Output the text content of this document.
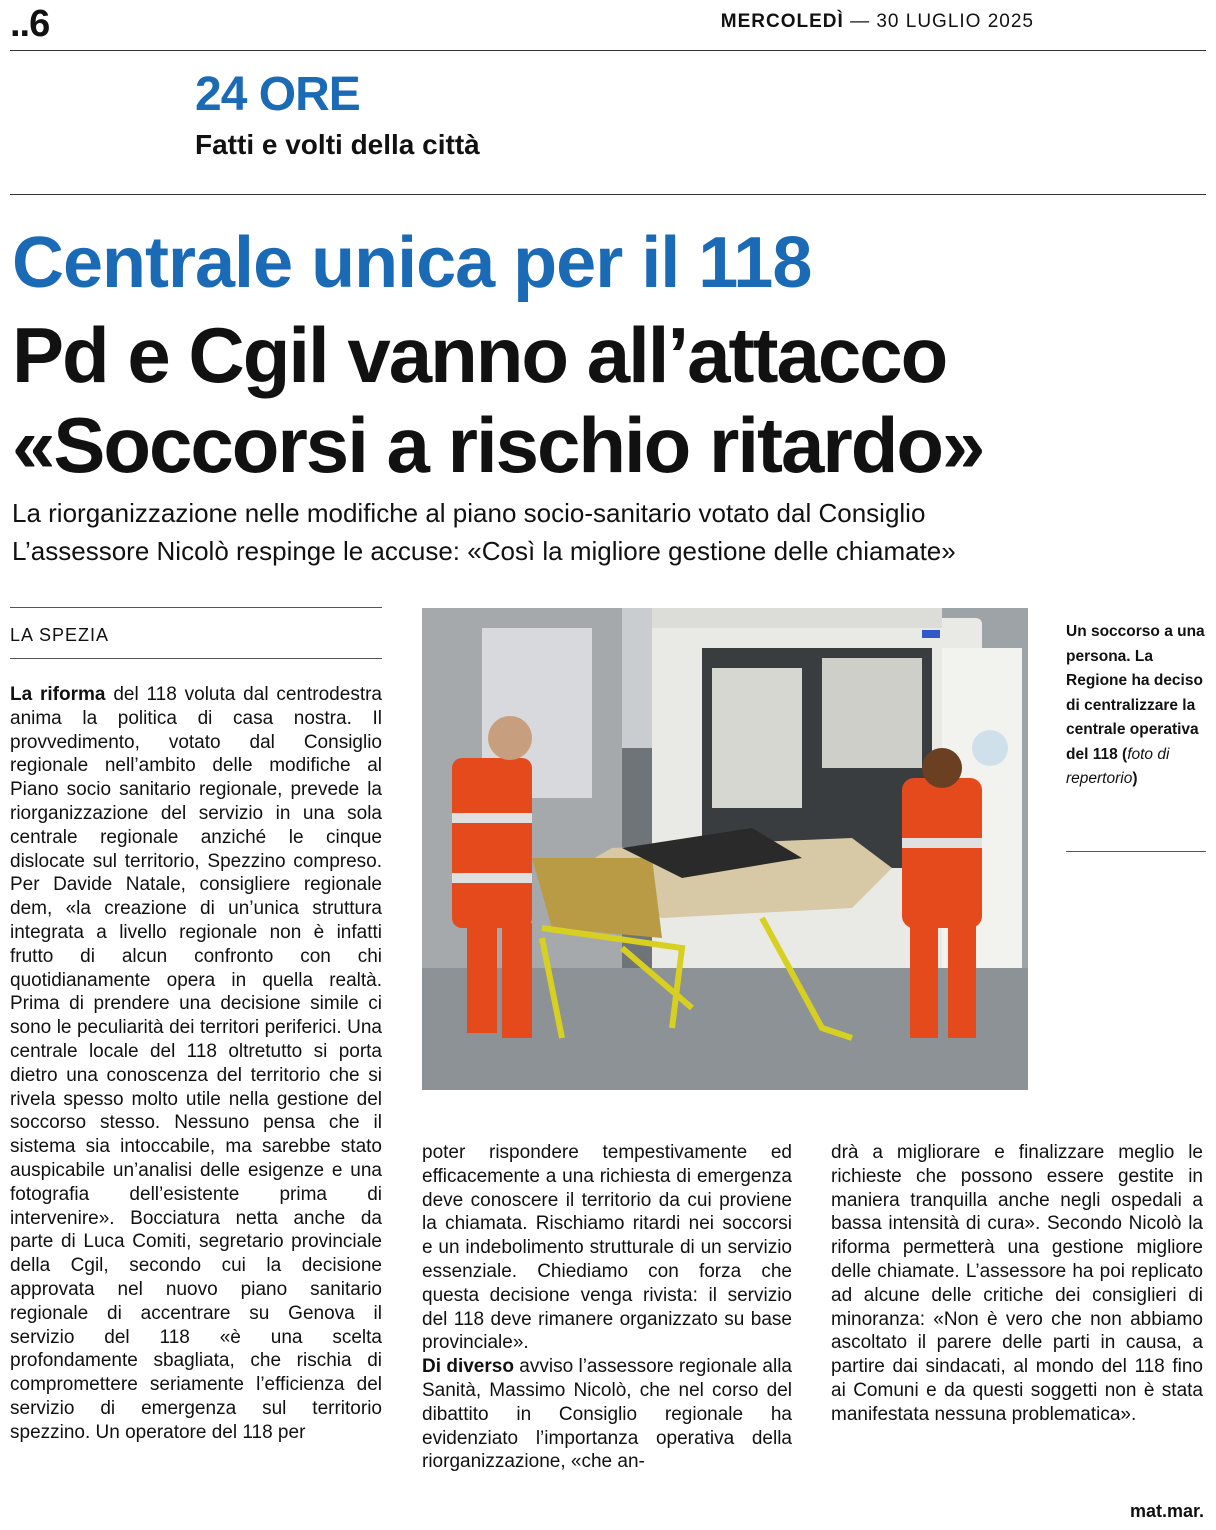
..6	MERCOLEDÌ — 30 LUGLIO 2025
24 ORE
Fatti e volti della città
Centrale unica per il 118
Pd e Cgil vanno all’attacco
«Soccorsi a rischio ritardo»
La riorganizzazione nelle modifiche al piano socio-sanitario votato dal Consiglio
L’assessore Nicolò respinge le accuse: «Così la migliore gestione delle chiamate»
LA SPEZIA
La riforma del 118 voluta dal centrodestra anima la politica di casa nostra. Il provvedimento, votato dal Consiglio regionale nell’ambito delle modifiche al Piano socio sanitario regionale, prevede la riorganizzazione del servizio in una sola centrale regionale anziché le cinque dislocate sul territorio, Spezzino compreso. Per Davide Natale, consigliere regionale dem, «la creazione di un’unica struttura integrata a livello regionale non è infatti frutto di alcun confronto con chi quotidianamente opera in quella realtà. Prima di prendere una decisione simile ci sono le peculiarità dei territori periferici. Una centrale locale del 118 oltretutto si porta dietro una conoscenza del territorio che si rivela spesso molto utile nella gestione del soccorso stesso. Nessuno pensa che il sistema sia intoccabile, ma sarebbe stato auspicabile un’analisi delle esigenze e una fotografia dell’esistente prima di intervenire». Bocciatura netta anche da parte di Luca Comiti, segretario provinciale della Cgil, secondo cui la decisione approvata nel nuovo piano sanitario regionale di accentrare su Genova il servizio del 118 «è una scelta profondamente sbagliata, che rischia di compromettere seriamente l’efficienza del servizio di emergenza sul territorio spezzino. Un operatore del 118 per
Un soccorso a una persona. La Regione ha deciso di centralizzare la centrale operativa del 118 (foto di repertorio)
poter rispondere tempestivamente ed efficacemente a una richiesta di emergenza deve conoscere il territorio da cui proviene la chiamata. Rischiamo ritardi nei soccorsi e un indebolimento strutturale di un servizio essenziale. Chiediamo con forza che questa decisione venga rivista: il servizio del 118 deve rimanere organizzato su base provinciale».
Di diverso avviso l’assessore regionale alla Sanità, Massimo Nicolò, che nel corso del dibattito in Consiglio regionale ha evidenziato l’importanza operativa della riorganizzazione, «che an-
drà a migliorare e finalizzare meglio le richieste che possono essere gestite in maniera tranquilla anche negli ospedali a bassa intensità di cura». Secondo Nicolò la riforma permetterà una gestione migliore delle chiamate. L’assessore ha poi replicato ad alcune delle critiche dei consiglieri di minoranza: «Non è vero che non abbiamo ascoltato il parere delle parti in causa, a partire dai sindacati, al mondo del 118 fino ai Comuni e da questi soggetti non è stata manifestata nessuna problematica».
mat.mar.
